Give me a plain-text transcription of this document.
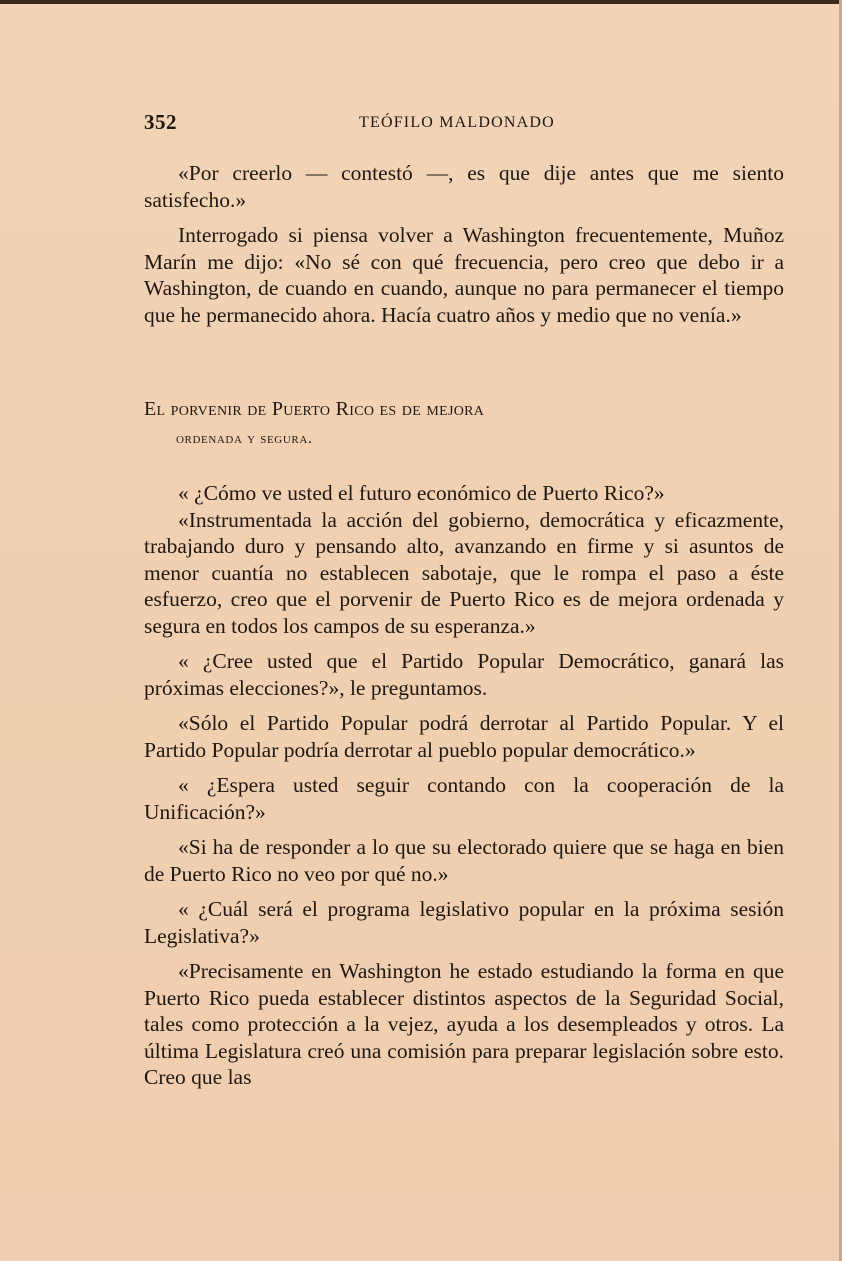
352	TEÓFILO MALDONADO

«Por creerlo — contestó —, es que dije antes que me siento satisfecho.»

Interrogado si piensa volver a Washington frecuentemente, Muñoz Marín me dijo: «No sé con qué frecuencia, pero creo que debo ir a Washington, de cuando en cuando, aunque no para permanecer el tiempo que he permanecido ahora. Hacía cuatro años y medio que no venía.»

El porvenir de Puerto Rico es de mejora
ordenada y segura.

« ¿Cómo ve usted el futuro económico de Puerto Rico?»

«Instrumentada la acción del gobierno, democrática y eficazmente, trabajando duro y pensando alto, avanzando en firme y si asuntos de menor cuantía no establecen sabotaje, que le rompa el paso a éste esfuerzo, creo que el porvenir de Puerto Rico es de mejora ordenada y segura en todos los campos de su esperanza.»

« ¿Cree usted que el Partido Popular Democrático, ganará las próximas elecciones?», le preguntamos.

«Sólo el Partido Popular podrá derrotar al Partido Popular. Y el Partido Popular podría derrotar al pueblo popular democrático.»

« ¿Espera usted seguir contando con la cooperación de la Unificación?»

«Si ha de responder a lo que su electorado quiere que se haga en bien de Puerto Rico no veo por qué no.»

« ¿Cuál será el programa legislativo popular en la próxima sesión Legislativa?»

«Precisamente en Washington he estado estudiando la forma en que Puerto Rico pueda establecer distintos aspectos de la Seguridad Social, tales como protección a la vejez, ayuda a los desempleados y otros. La última Legislatura creó una comisión para preparar legislación sobre esto. Creo que las
